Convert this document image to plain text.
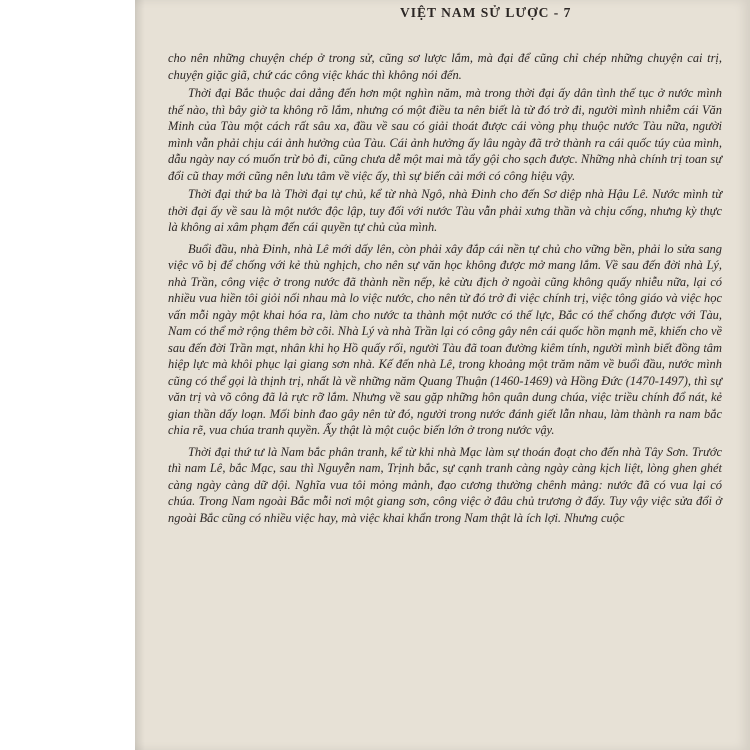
VIỆT NAM SỬ LƯỢC - 7

cho nên những chuyện chép ở trong sử, cũng sơ lược lắm, mà đại để cũng chỉ chép những chuyện cai trị, chuyện giặc giã, chứ các công việc khác thì không nói đến.

Thời đại Bắc thuộc dai dẳng đến hơn một nghìn năm, mà trong thời đại ấy dân tình thế tục ở nước mình thế nào, thì bây giờ ta không rõ lắm, nhưng có một điều ta nên biết là từ đó trở đi, người mình nhiễm cái Văn Minh của Tàu một cách rất sâu xa, đầu về sau có giải thoát được cái vòng phụ thuộc nước Tàu nữa, người mình vẫn phải chịu cái ảnh hưởng của Tàu. Cái ảnh hưởng ấy lâu ngày đã trở thành ra cái quốc túy của mình, dẫu ngày nay có muốn trừ bỏ đi, cũng chưa dễ một mai mà tẩy gội cho sạch được. Những nhà chính trị toan sự đổi cũ thay mới cũng nên lưu tâm về việc ấy, thì sự biến cải mới có công hiệu vậy.

Thời đại thứ ba là Thời đại tự chủ, kể từ nhà Ngô, nhà Đinh cho đến Sơ diệp nhà Hậu Lê. Nước mình từ thời đại ấy về sau là một nước độc lập, tuy đối với nước Tàu vẫn phải xưng thần và chịu cống, nhưng kỳ thực là không ai xâm phạm đến cái quyền tự chủ của mình.

Buổi đầu, nhà Đinh, nhà Lê mới dấy lên, còn phải xây đắp cái nền tự chủ cho vững bền, phải lo sửa sang việc võ bị để chống với kẻ thù nghịch, cho nên sự văn học không được mở mang lắm. Về sau đến đời nhà Lý, nhà Trần, công việc ở trong nước đã thành nền nếp, kẻ cừu địch ở ngoài cũng không quấy nhiễu nữa, lại có nhiều vua hiền tôi giỏi nối nhau mà lo việc nước, cho nên từ đó trở đi việc chính trị, việc tông giáo và việc học vấn mỗi ngày một khai hóa ra, làm cho nước ta thành một nước có thế lực, Bắc có thể chống được với Tàu, Nam có thể mở rộng thêm bờ cõi. Nhà Lý và nhà Trần lại có công gây nên cái quốc hồn mạnh mẽ, khiến cho về sau đến đời Trần mạt, nhân khi họ Hồ quấy rối, người Tàu đã toan đường kiêm tính, người mình biết đồng tâm hiệp lực mà khôi phục lại giang sơn nhà. Kế đến nhà Lê, trong khoảng một trăm năm về buổi đầu, nước mình cũng có thể gọi là thịnh trị, nhất là về những năm Quang Thuận (1460-1469) và Hồng Đức (1470-1497), thì sự văn trị và võ công đã lả rực rỡ lắm. Nhưng về sau gặp những hôn quân dung chúa, việc triều chính đổ nát, kẻ gian thần dấy loạn. Mối binh đao gây nên từ đó, người trong nước đánh giết lẫn nhau, làm thành ra nam bắc chia rẽ, vua chúa tranh quyền. Ấy thật là một cuộc biến lớn ở trong nước vậy.

Thời đại thứ tư là Nam bắc phân tranh, kể từ khi nhà Mạc làm sự thoán đoạt cho đến nhà Tây Sơn. Trước thì nam Lê, bắc Mạc, sau thì Nguyễn nam, Trịnh bắc, sự cạnh tranh càng ngày càng kịch liệt, lòng ghen ghét càng ngày càng dữ dội. Nghĩa vua tôi mỏng mảnh, đạo cương thường chênh mảng: nước đã có vua lại có chúa. Trong Nam ngoài Bắc mỗi nơi một giang sơn, công việc ở đâu chủ trương ở đấy. Tuy vậy việc sửa đổi ở ngoài Bắc cũng có nhiều việc hay, mà việc khai khẩn trong Nam thật là ích lợi. Nhưng cuộc
